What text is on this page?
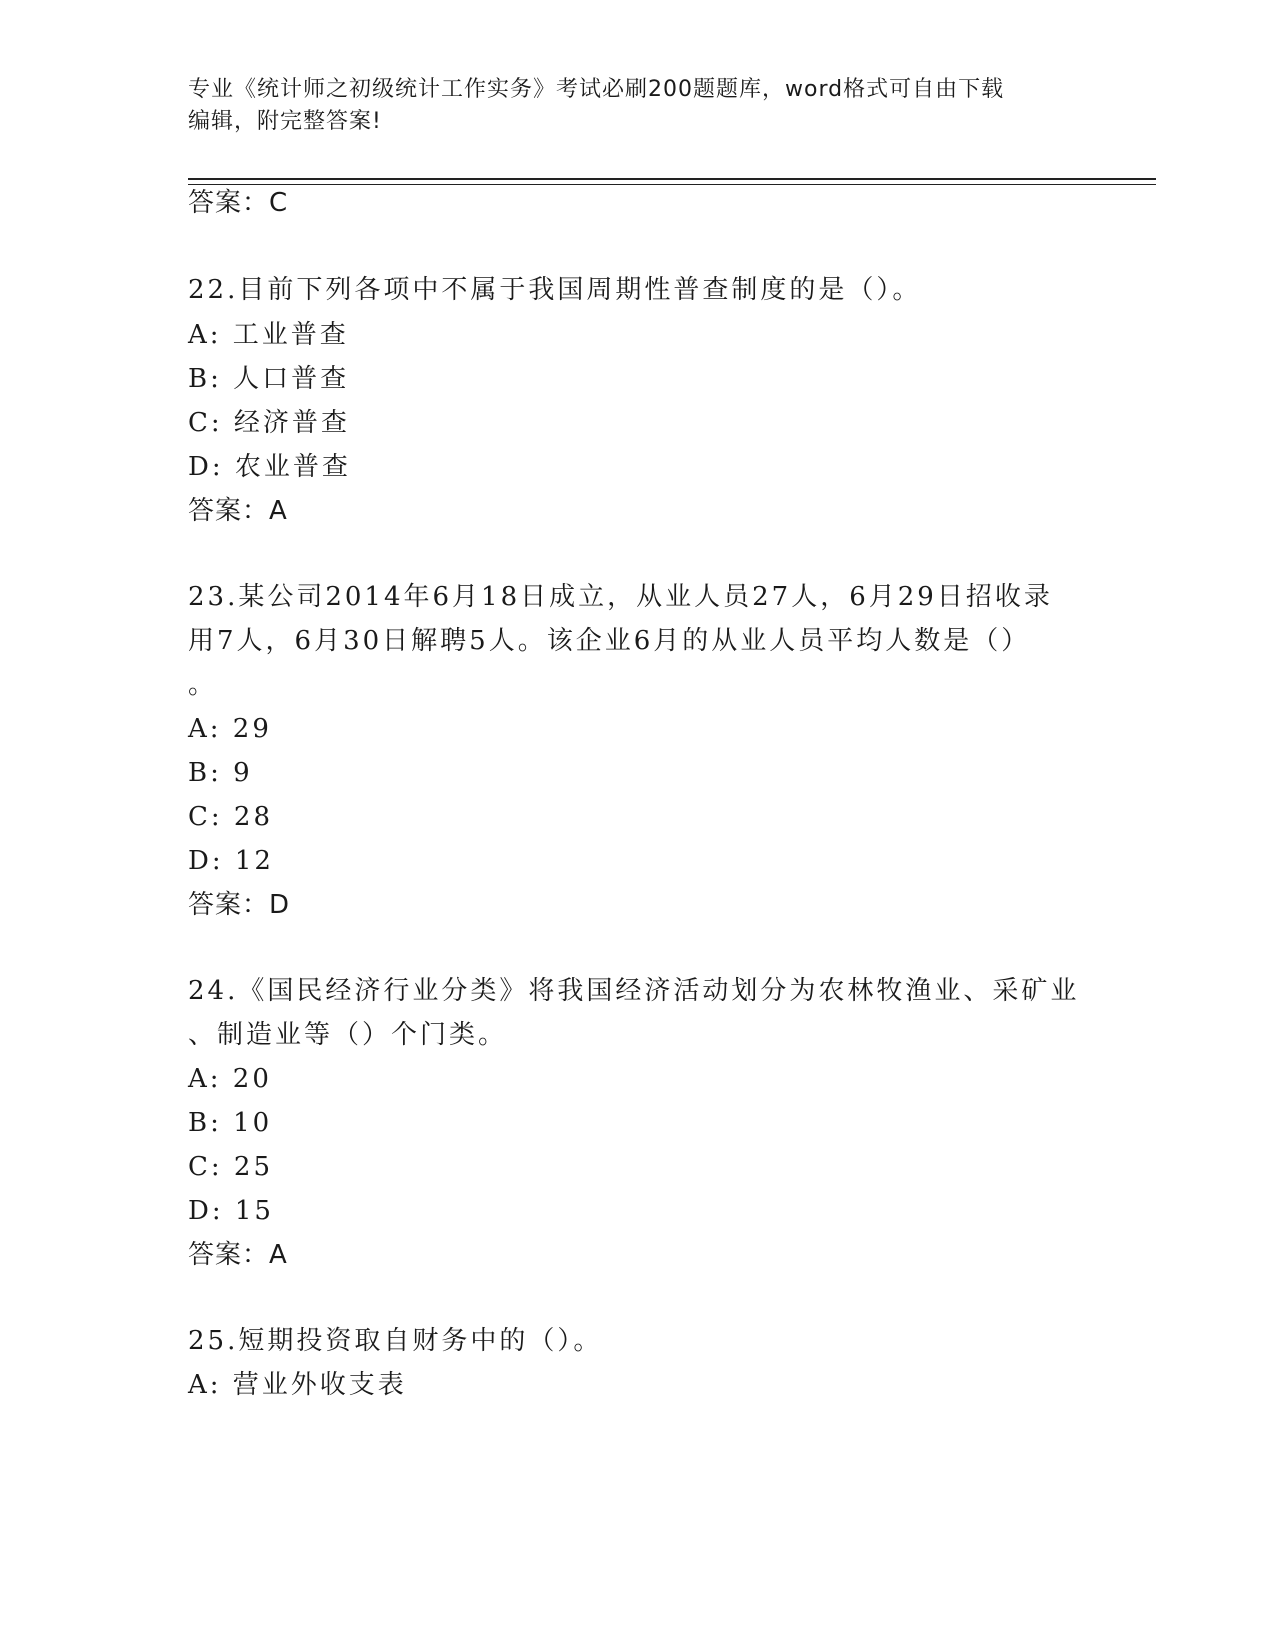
专业《统计师之初级统计工作实务》考试必刷200题题库，word格式可自由下载
编辑，附完整答案!
答案：C
22.目前下列各项中不属于我国周期性普查制度的是（）。
A: 工业普查
B: 人口普查
C: 经济普查
D: 农业普查
答案：A
23.某公司2014年6月18日成立，从业人员27人，6月29日招收录
用7人，6月30日解聘5人。该企业6月的从业人员平均人数是（）
。
A: 29
B: 9
C: 28
D: 12
答案：D
24.《国民经济行业分类》将我国经济活动划分为农林牧渔业、采矿业
、制造业等（）个门类。
A: 20
B: 10
C: 25
D: 15
答案：A
25.短期投资取自财务中的（）。
A: 营业外收支表
